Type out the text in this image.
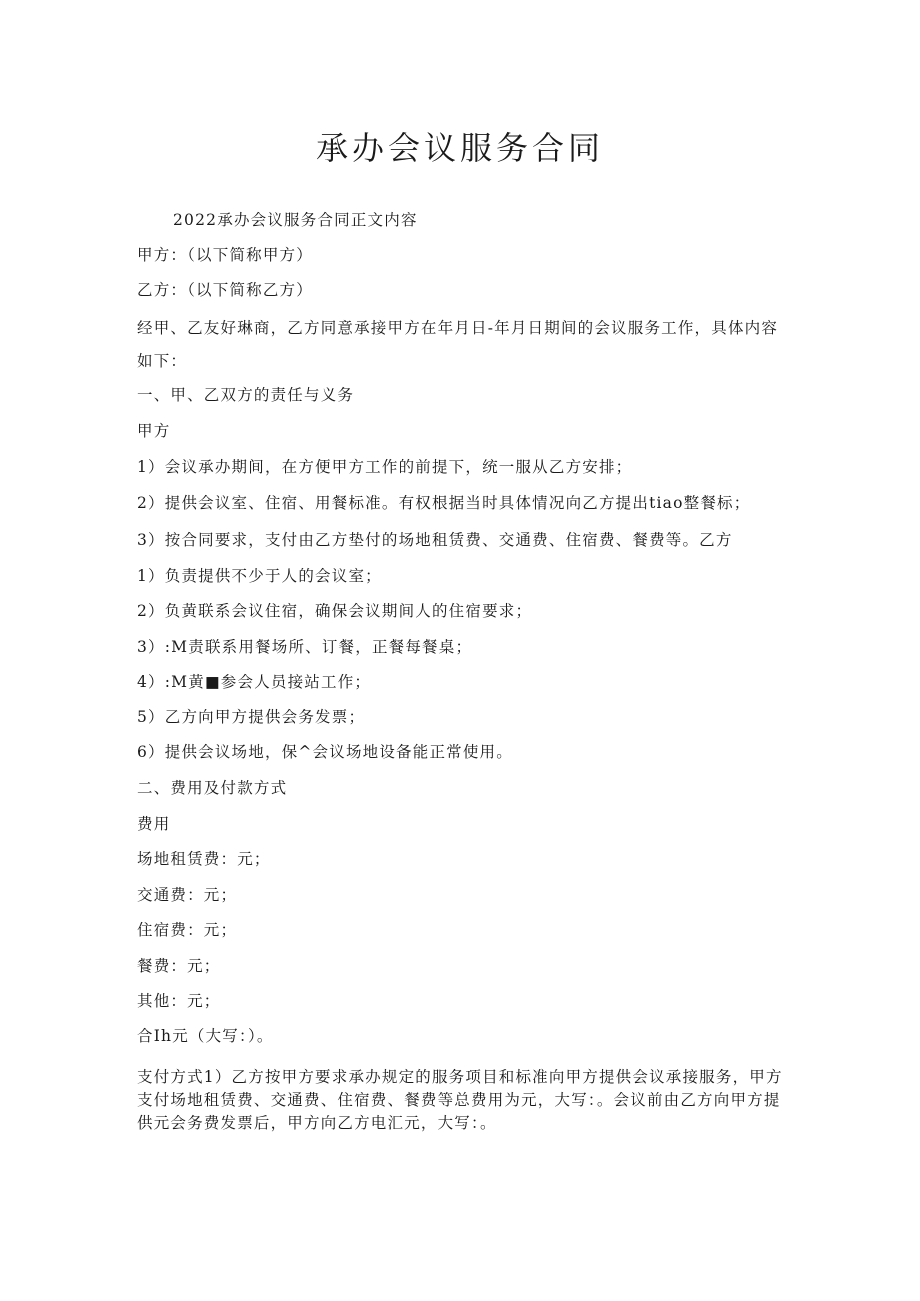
承办会议服务合同

2022承办会议服务合同正文内容

甲方：（以下简称甲方）

乙方：（以下简称乙方）

经甲、乙友好琳商，乙方同意承接甲方在年月日-年月日期间的会议服务工作，具体内容如下：

一、甲、乙双方的责任与义务

甲方

1）会议承办期间，在方便甲方工作的前提下，统一服从乙方安排；

2）提供会议室、住宿、用餐标准。有权根据当时具体情况向乙方提出tiao整餐标；

3）按合同要求，支付由乙方垫付的场地租赁费、交通费、住宿费、餐费等。乙方

1）负责提供不少于人的会议室；

2）负黄联系会议住宿，确保会议期间人的住宿要求；

3）:M责联系用餐场所、订餐，正餐每餐桌；

4）:M黄■参会人员接站工作；

5）乙方向甲方提供会务发票；

6）提供会议场地，保^会议场地设备能正常使用。

二、费用及付款方式

费用

场地租赁费：元；

交通费：元；

住宿费：元；

餐费：元；

其他：元；

合Ih元（大写：）。

支付方式1）乙方按甲方要求承办规定的服务项目和标准向甲方提供会议承接服务，甲方支付场地租赁费、交通费、住宿费、餐费等总费用为元，大写：。会议前由乙方向甲方提供元会务费发票后，甲方向乙方电汇元，大写：。
